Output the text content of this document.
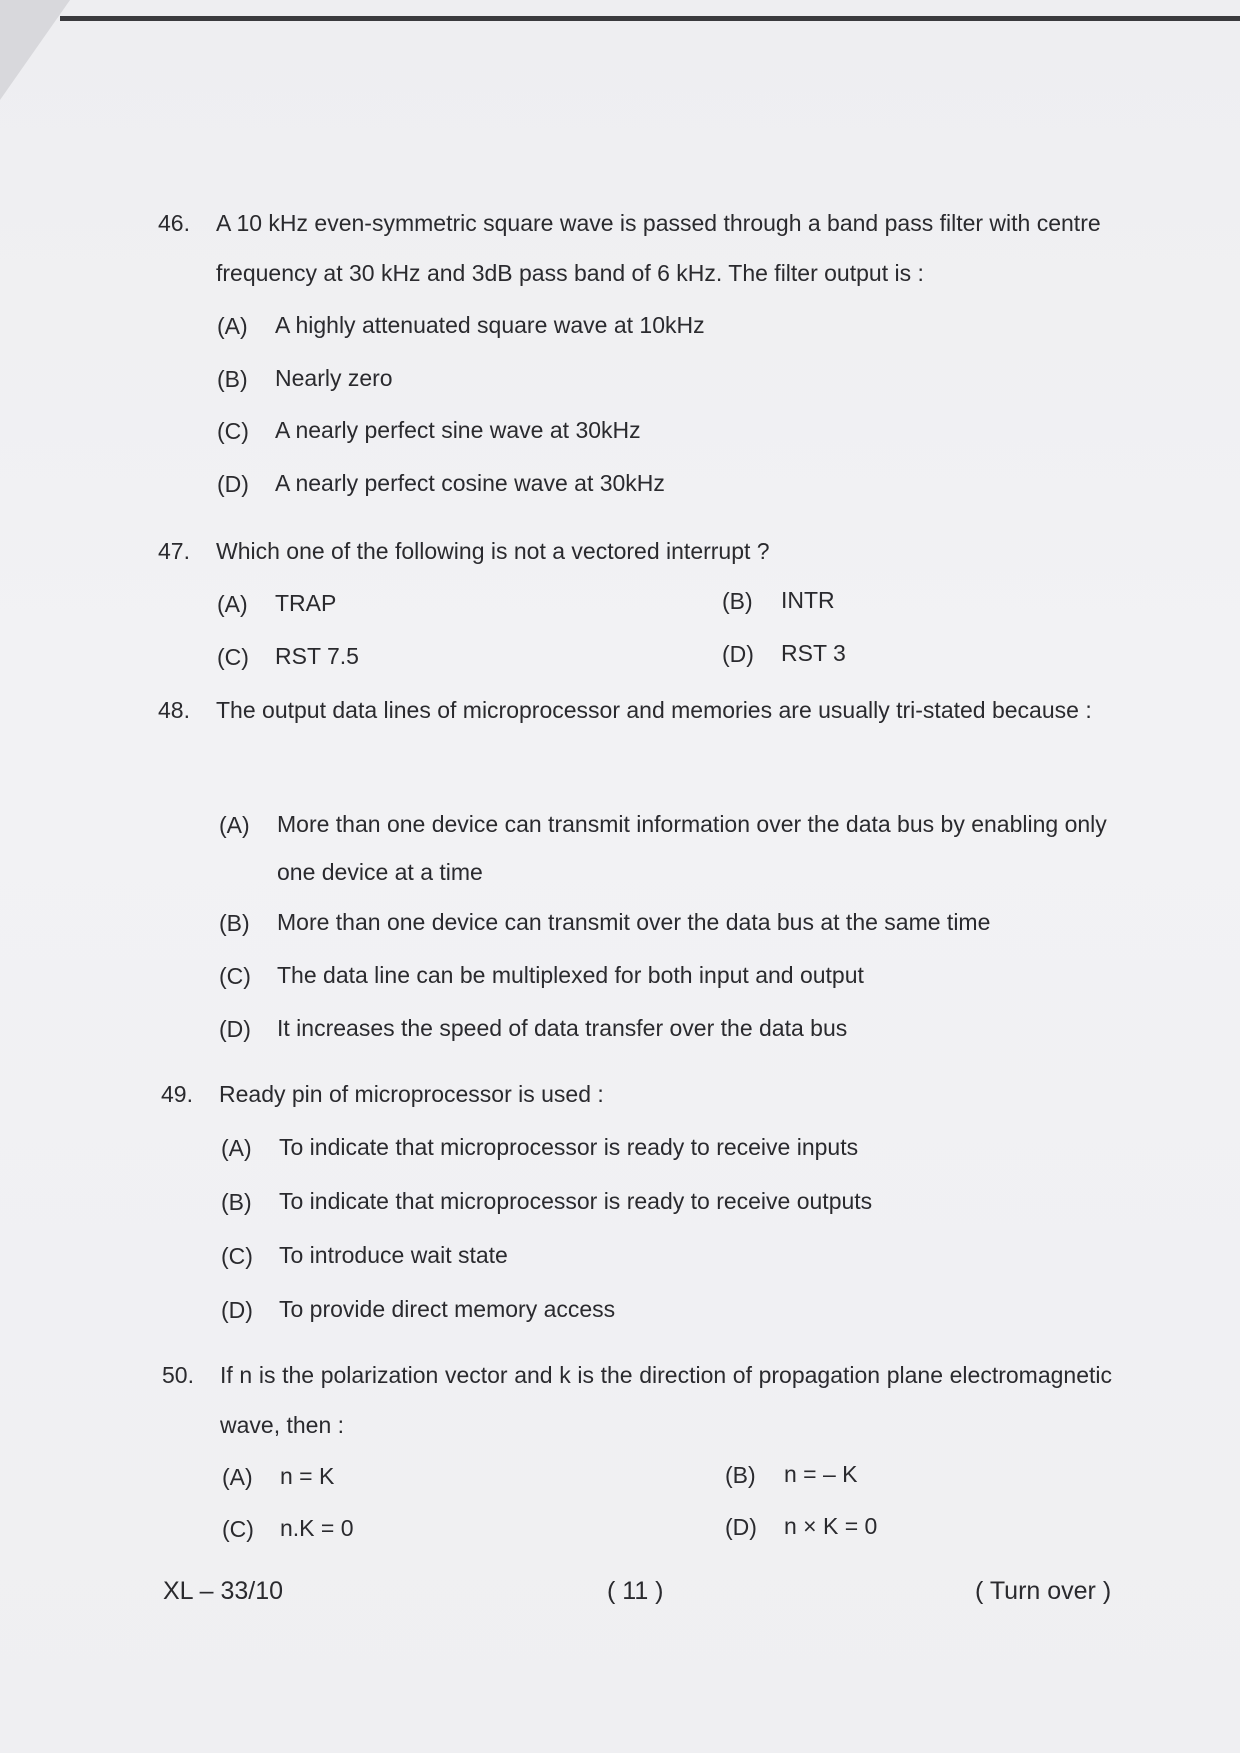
46. A 10 kHz even-symmetric square wave is passed through a band pass filter with centre frequency at 30 kHz and 3dB pass band of 6 kHz. The filter output is :
(A) A highly attenuated square wave at 10kHz
(B) Nearly zero
(C) A nearly perfect sine wave at 30kHz
(D) A nearly perfect cosine wave at 30kHz
47. Which one of the following is not a vectored interrupt ?
(A) TRAP	(B) INTR
(C) RST 7.5	(D) RST 3
48. The output data lines of microprocessor and memories are usually tri-stated because :
(A) More than one device can transmit information over the data bus by enabling only one device at a time
(B) More than one device can transmit over the data bus at the same time
(C) The data line can be multiplexed for both input and output
(D) It increases the speed of data transfer over the data bus
49. Ready pin of microprocessor is used :
(A) To indicate that microprocessor is ready to receive inputs
(B) To indicate that microprocessor is ready to receive outputs
(C) To introduce wait state
(D) To provide direct memory access
50. If n is the polarization vector and k is the direction of propagation plane electromagnetic wave, then :
(A) n = K	(B) n = – K
(C) n.K = 0	(D) n × K = 0
XL – 33/10	( 11 )	( Turn over )
